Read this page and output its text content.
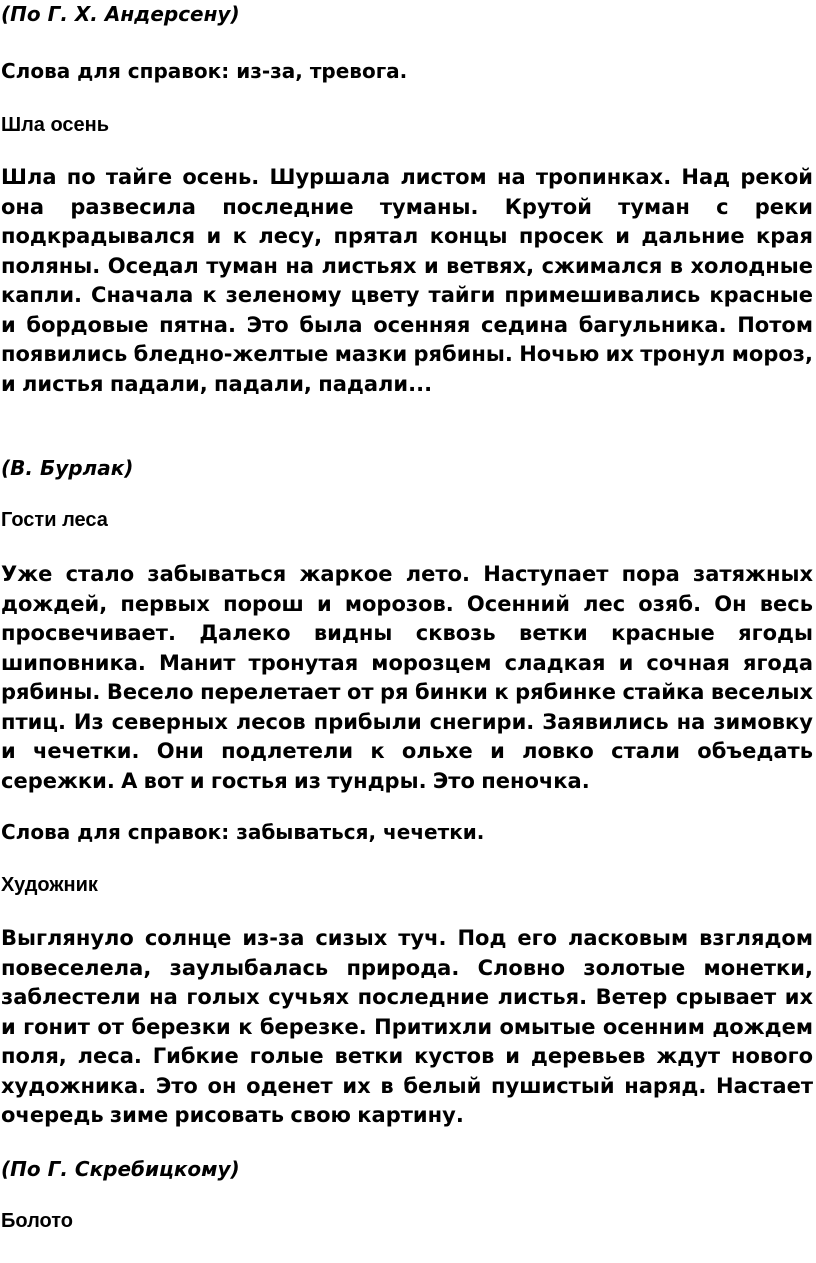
(По Г. Х. Андерсену)

Слова для справок: из-за, тревога.

Шла осень

Шла по тайге осень. Шуршала листом на тропинках. Над рекой она развесила последние туманы. Крутой туман с реки подкрадывался и к лесу, прятал концы просек и дальние края поляны. Оседал туман на листьях и ветвях, сжимался в холодные капли. Сначала к зеленому цвету тайги примешивались красные и бордовые пятна. Это была осенняя седина багульника. Потом появились бледно-желтые мазки рябины. Ночью их тронул мороз, и листья падали, падали, падали...

(В. Бурлак)

Гости леса

Уже стало забываться жаркое лето. Наступает пора затяжных дождей, первых порош и морозов. Осенний лес озяб. Он весь просвечивает. Далеко видны сквозь ветки красные ягоды шиповника. Манит тронутая морозцем сладкая и сочная ягода рябины. Весело перелетает от ря бинки к рябинке стайка веселых птиц. Из северных лесов прибыли снегири. Заявились на зимовку и чечетки. Они подлетели к ольхе и ловко стали объедать сережки. А вот и гостья из тундры. Это пеночка.

Слова для справок: забываться, чечетки.

Художник

Выглянуло солнце из-за сизых туч. Под его ласковым взглядом повеселела, заулыбалась природа. Словно золотые монетки, заблестели на голых сучьях последние листья. Ветер срывает их и гонит от березки к березке. Притихли омытые осенним дождем поля, леса. Гибкие голые ветки кустов и деревьев ждут нового художника. Это он оденет их в белый пушистый наряд. Настает очередь зиме рисовать свою картину.

(По Г. Скребицкому)

Болото
